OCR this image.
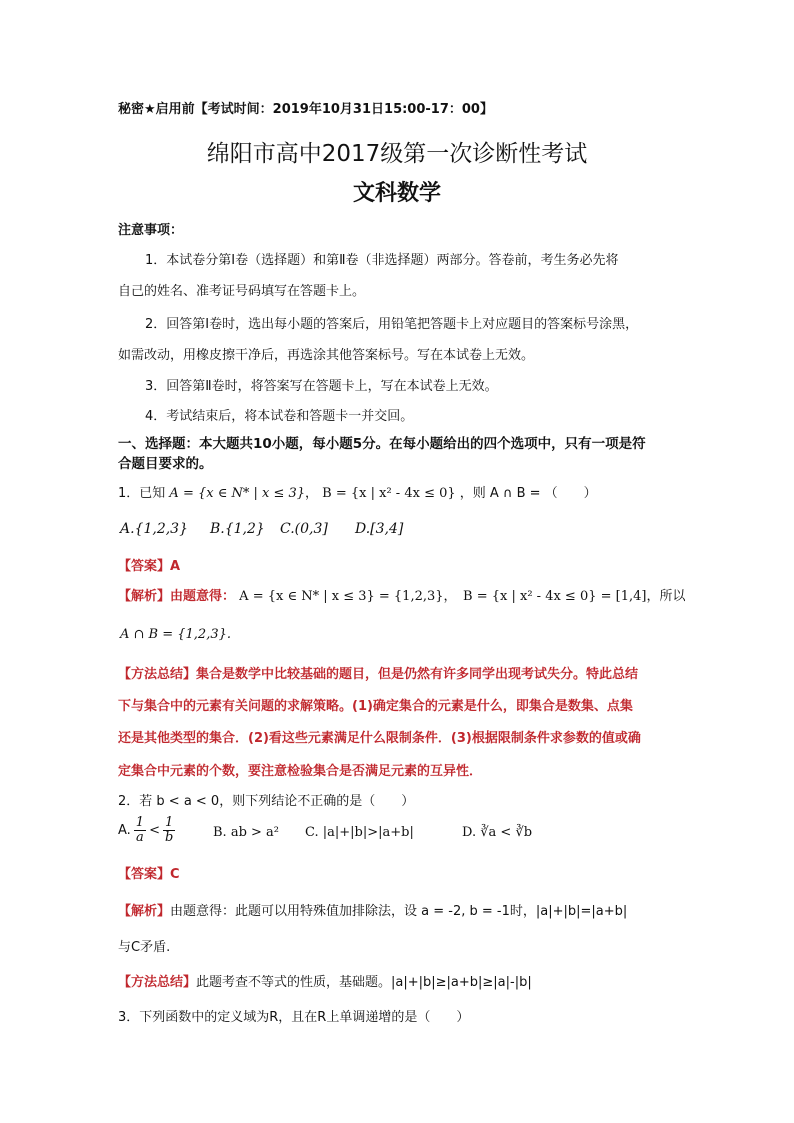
秘密★启用前【考试时间：2019年10月31日15:00-17：00】
绵阳市高中2017级第一次诊断性考试
文科数学
注意事项：
1．本试卷分第Ⅰ卷（选择题）和第Ⅱ卷（非选择题）两部分。答卷前，考生务必先将
自己的姓名、准考证号码填写在答题卡上。
2．回答第Ⅰ卷时，选出每小题的答案后，用铅笔把答题卡上对应题目的答案标号涂黑，
如需改动，用橡皮擦干净后，再选涂其他答案标号。写在本试卷上无效。
3．回答第Ⅱ卷时，将答案写在答题卡上，写在本试卷上无效。
4．考试结束后，将本试卷和答题卡一并交回。
一、选择题：本大题共10小题，每小题5分。在每小题给出的四个选项中，只有一项是符
合题目要求的。
1．已知 A = {x ∈ N* | x ≤ 3}， B = {x | x² - 4x ≤ 0} ，则 A ∩ B = （　　）
A.{1,2,3} B.{1,2} C.(0,3] D.[3,4]
【答案】A
【解析】由题意得： A = {x ∈ N* | x ≤ 3} = {1,2,3}，　B = {x | x² - 4x ≤ 0} = [1,4]，所以
A ∩ B = {1,2,3}.
【方法总结】集合是数学中比较基础的题目，但是仍然有许多同学出现考试失分。特此总结
下与集合中的元素有关问题的求解策略。(1)确定集合的元素是什么，即集合是数集、点集
还是其他类型的集合．(2)看这些元素满足什么限制条件．(3)根据限制条件求参数的值或确
定集合中元素的个数，要注意检验集合是否满足元素的互异性．
2．若 b < a < 0，则下列结论不正确的是（　　）
A. $\frac{1}{a} < \frac{1}{b}$	B. ab > a² C. |a|+|b|>|a+b|	D. ∛a < ∛b
【答案】C
【解析】由题意得：此题可以用特殊值加排除法，设 a = -2, b = -1时，|a|+|b|=|a+b|
与C矛盾.
【方法总结】此题考查不等式的性质，基础题。|a|+|b|≥|a+b|≥|a|-|b|
3．下列函数中的定义域为R，且在R上单调递增的是（　　）
